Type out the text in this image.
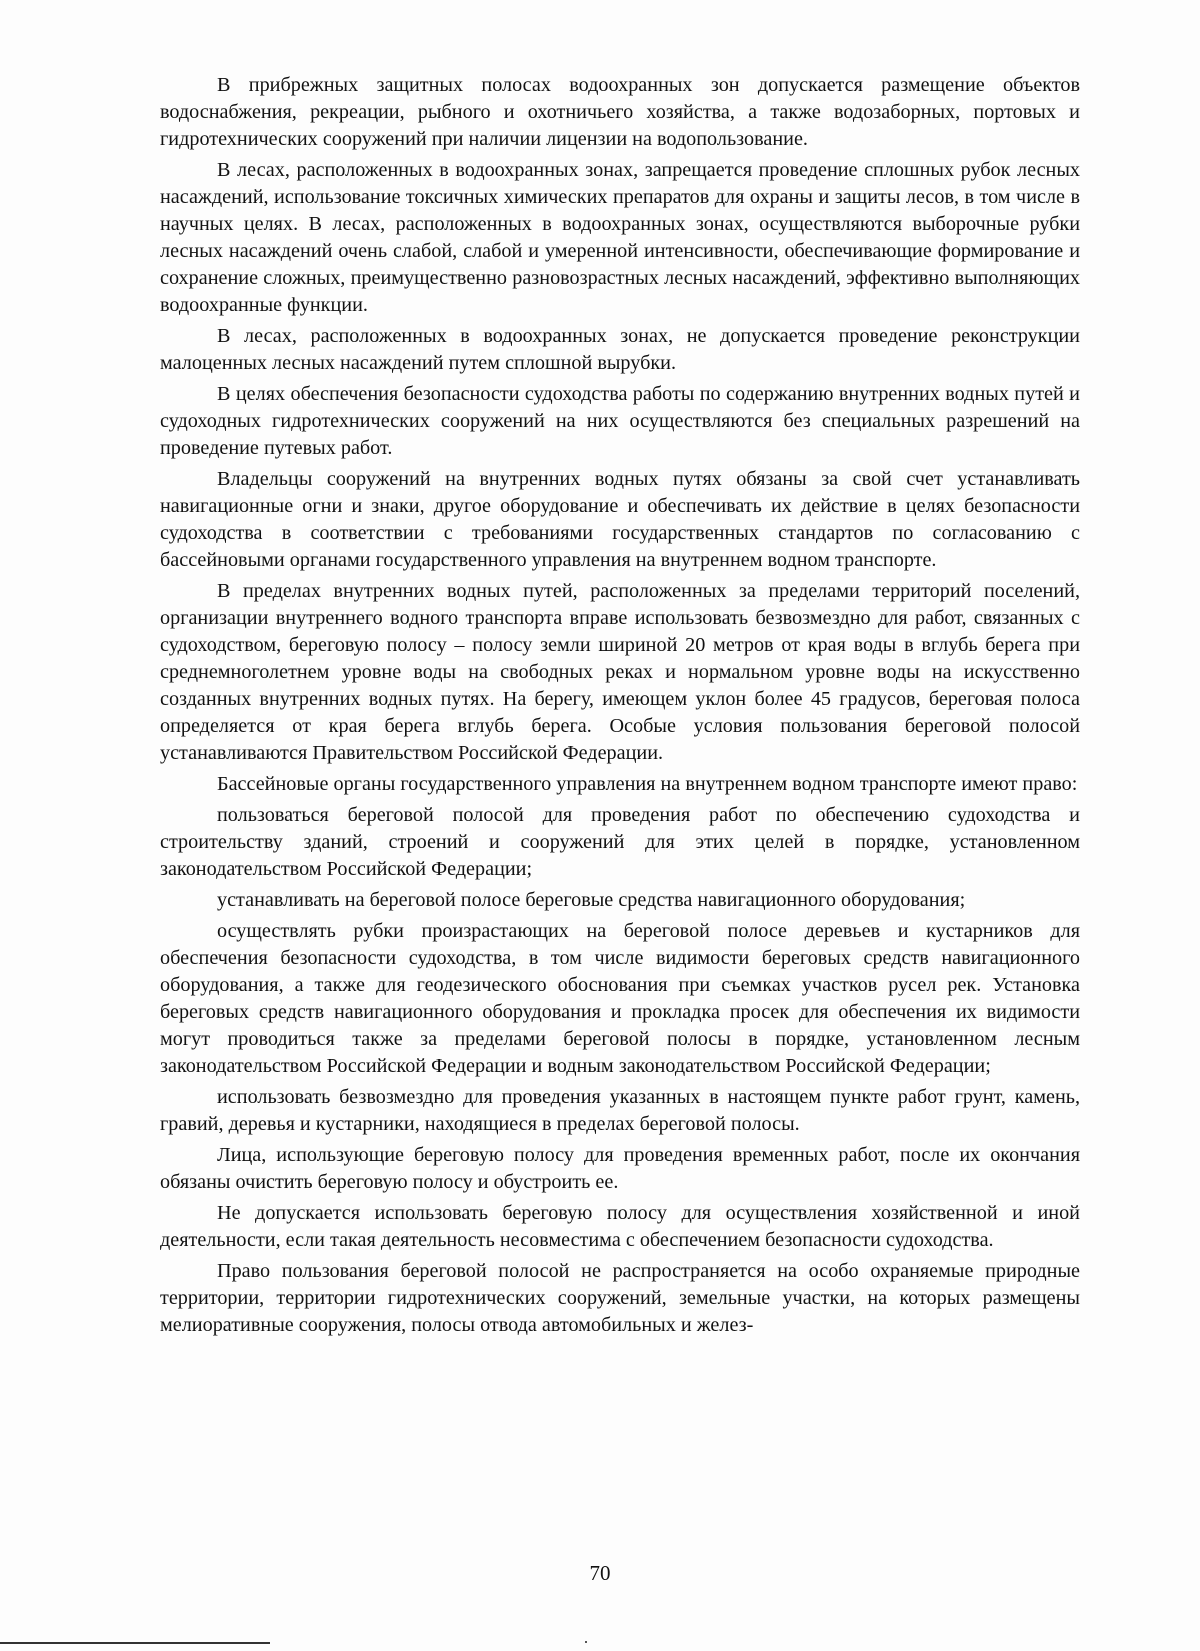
В прибрежных защитных полосах водоохранных зон допускается размещение объектов водоснабжения, рекреации, рыбного и охотничьего хозяйства, а также водозаборных, портовых и гидротехнических сооружений при наличии лицензии на водопользование.

В лесах, расположенных в водоохранных зонах, запрещается проведение сплошных рубок лесных насаждений, использование токсичных химических препаратов для охраны и защиты лесов, в том числе в научных целях. В лесах, расположенных в водоохранных зонах, осуществляются выборочные рубки лесных насаждений очень слабой, слабой и умеренной интенсивности, обеспечивающие формирование и сохранение сложных, преимущественно разновозрастных лесных насаждений, эффективно выполняющих водоохранные функции.

В лесах, расположенных в водоохранных зонах, не допускается проведение реконструкции малоценных лесных насаждений путем сплошной вырубки.

В целях обеспечения безопасности судоходства работы по содержанию внутренних водных путей и судоходных гидротехнических сооружений на них осуществляются без специальных разрешений на проведение путевых работ.

Владельцы сооружений на внутренних водных путях обязаны за свой счет устанавливать навигационные огни и знаки, другое оборудование и обеспечивать их действие в целях безопасности судоходства в соответствии с требованиями государственных стандартов по согласованию с бассейновыми органами государственного управления на внутреннем водном транспорте.

В пределах внутренних водных путей, расположенных за пределами территорий поселений, организации внутреннего водного транспорта вправе использовать безвозмездно для работ, связанных с судоходством, береговую полосу – полосу земли шириной 20 метров от края воды в вглубь берега при среднемноголетнем уровне воды на свободных реках и нормальном уровне воды на искусственно созданных внутренних водных путях. На берегу, имеющем уклон более 45 градусов, береговая полоса определяется от края берега вглубь берега. Особые условия пользования береговой полосой устанавливаются Правительством Российской Федерации.

Бассейновые органы государственного управления на внутреннем водном транспорте имеют право:

пользоваться береговой полосой для проведения работ по обеспечению судоходства и строительству зданий, строений и сооружений для этих целей в порядке, установленном законодательством Российской Федерации;

устанавливать на береговой полосе береговые средства навигационного оборудования;

осуществлять рубки произрастающих на береговой полосе деревьев и кустарников для обеспечения безопасности судоходства, в том числе видимости береговых средств навигационного оборудования, а также для геодезического обоснования при съемках участков русел рек. Установка береговых средств навигационного оборудования и прокладка просек для обеспечения их видимости могут проводиться также за пределами береговой полосы в порядке, установленном лесным законодательством Российской Федерации и водным законодательством Российской Федерации;

использовать безвозмездно для проведения указанных в настоящем пункте работ грунт, камень, гравий, деревья и кустарники, находящиеся в пределах береговой полосы.

Лица, использующие береговую полосу для проведения временных работ, после их окончания обязаны очистить береговую полосу и обустроить ее.

Не допускается использовать береговую полосу для осуществления хозяйственной и иной деятельности, если такая деятельность несовместима с обеспечением безопасности судоходства.

Право пользования береговой полосой не распространяется на особо охраняемые природные территории, территории гидротехнических сооружений, земельные участки, на которых размещены мелиоративные сооружения, полосы отвода автомобильных и желез-

70
